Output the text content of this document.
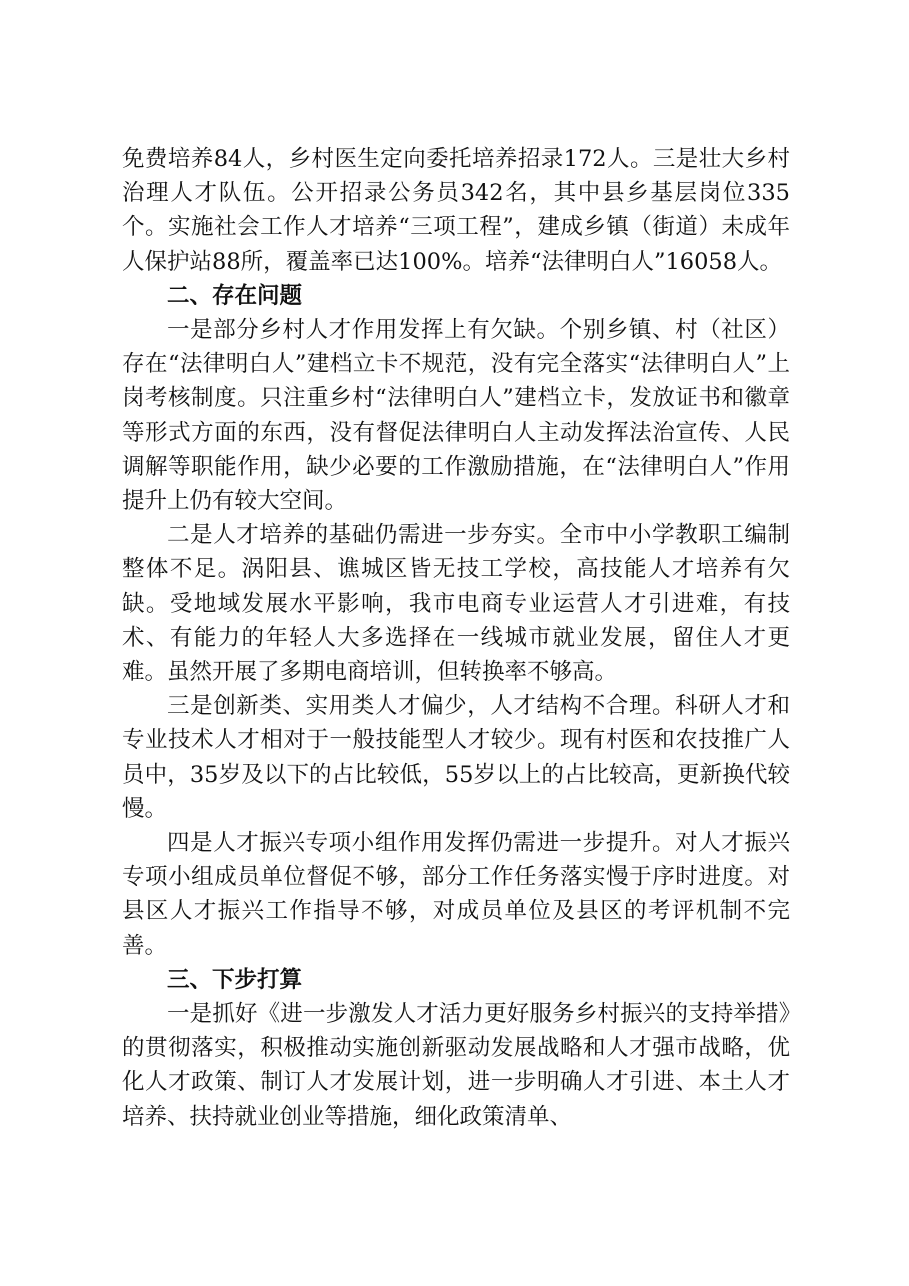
免费培养84人，乡村医生定向委托培养招录172人。三是壮大乡村治理人才队伍。公开招录公务员342名，其中县乡基层岗位335个。实施社会工作人才培养“三项工程”，建成乡镇（街道）未成年人保护站88所，覆盖率已达100%。培养“法律明白人”16058人。

二、存在问题

一是部分乡村人才作用发挥上有欠缺。个别乡镇、村（社区）存在“法律明白人”建档立卡不规范，没有完全落实“法律明白人”上岗考核制度。只注重乡村“法律明白人”建档立卡，发放证书和徽章等形式方面的东西，没有督促法律明白人主动发挥法治宣传、人民调解等职能作用，缺少必要的工作激励措施，在“法律明白人”作用提升上仍有较大空间。

二是人才培养的基础仍需进一步夯实。全市中小学教职工编制整体不足。涡阳县、谯城区皆无技工学校，高技能人才培养有欠缺。受地域发展水平影响，我市电商专业运营人才引进难，有技术、有能力的年轻人大多选择在一线城市就业发展，留住人才更难。虽然开展了多期电商培训，但转换率不够高。

三是创新类、实用类人才偏少，人才结构不合理。科研人才和专业技术人才相对于一般技能型人才较少。现有村医和农技推广人员中，35岁及以下的占比较低，55岁以上的占比较高，更新换代较慢。

四是人才振兴专项小组作用发挥仍需进一步提升。对人才振兴专项小组成员单位督促不够，部分工作任务落实慢于序时进度。对县区人才振兴工作指导不够，对成员单位及县区的考评机制不完善。

三、下步打算

一是抓好《进一步激发人才活力更好服务乡村振兴的支持举措》的贯彻落实，积极推动实施创新驱动发展战略和人才强市战略，优化人才政策、制订人才发展计划，进一步明确人才引进、本土人才培养、扶持就业创业等措施，细化政策清单、
